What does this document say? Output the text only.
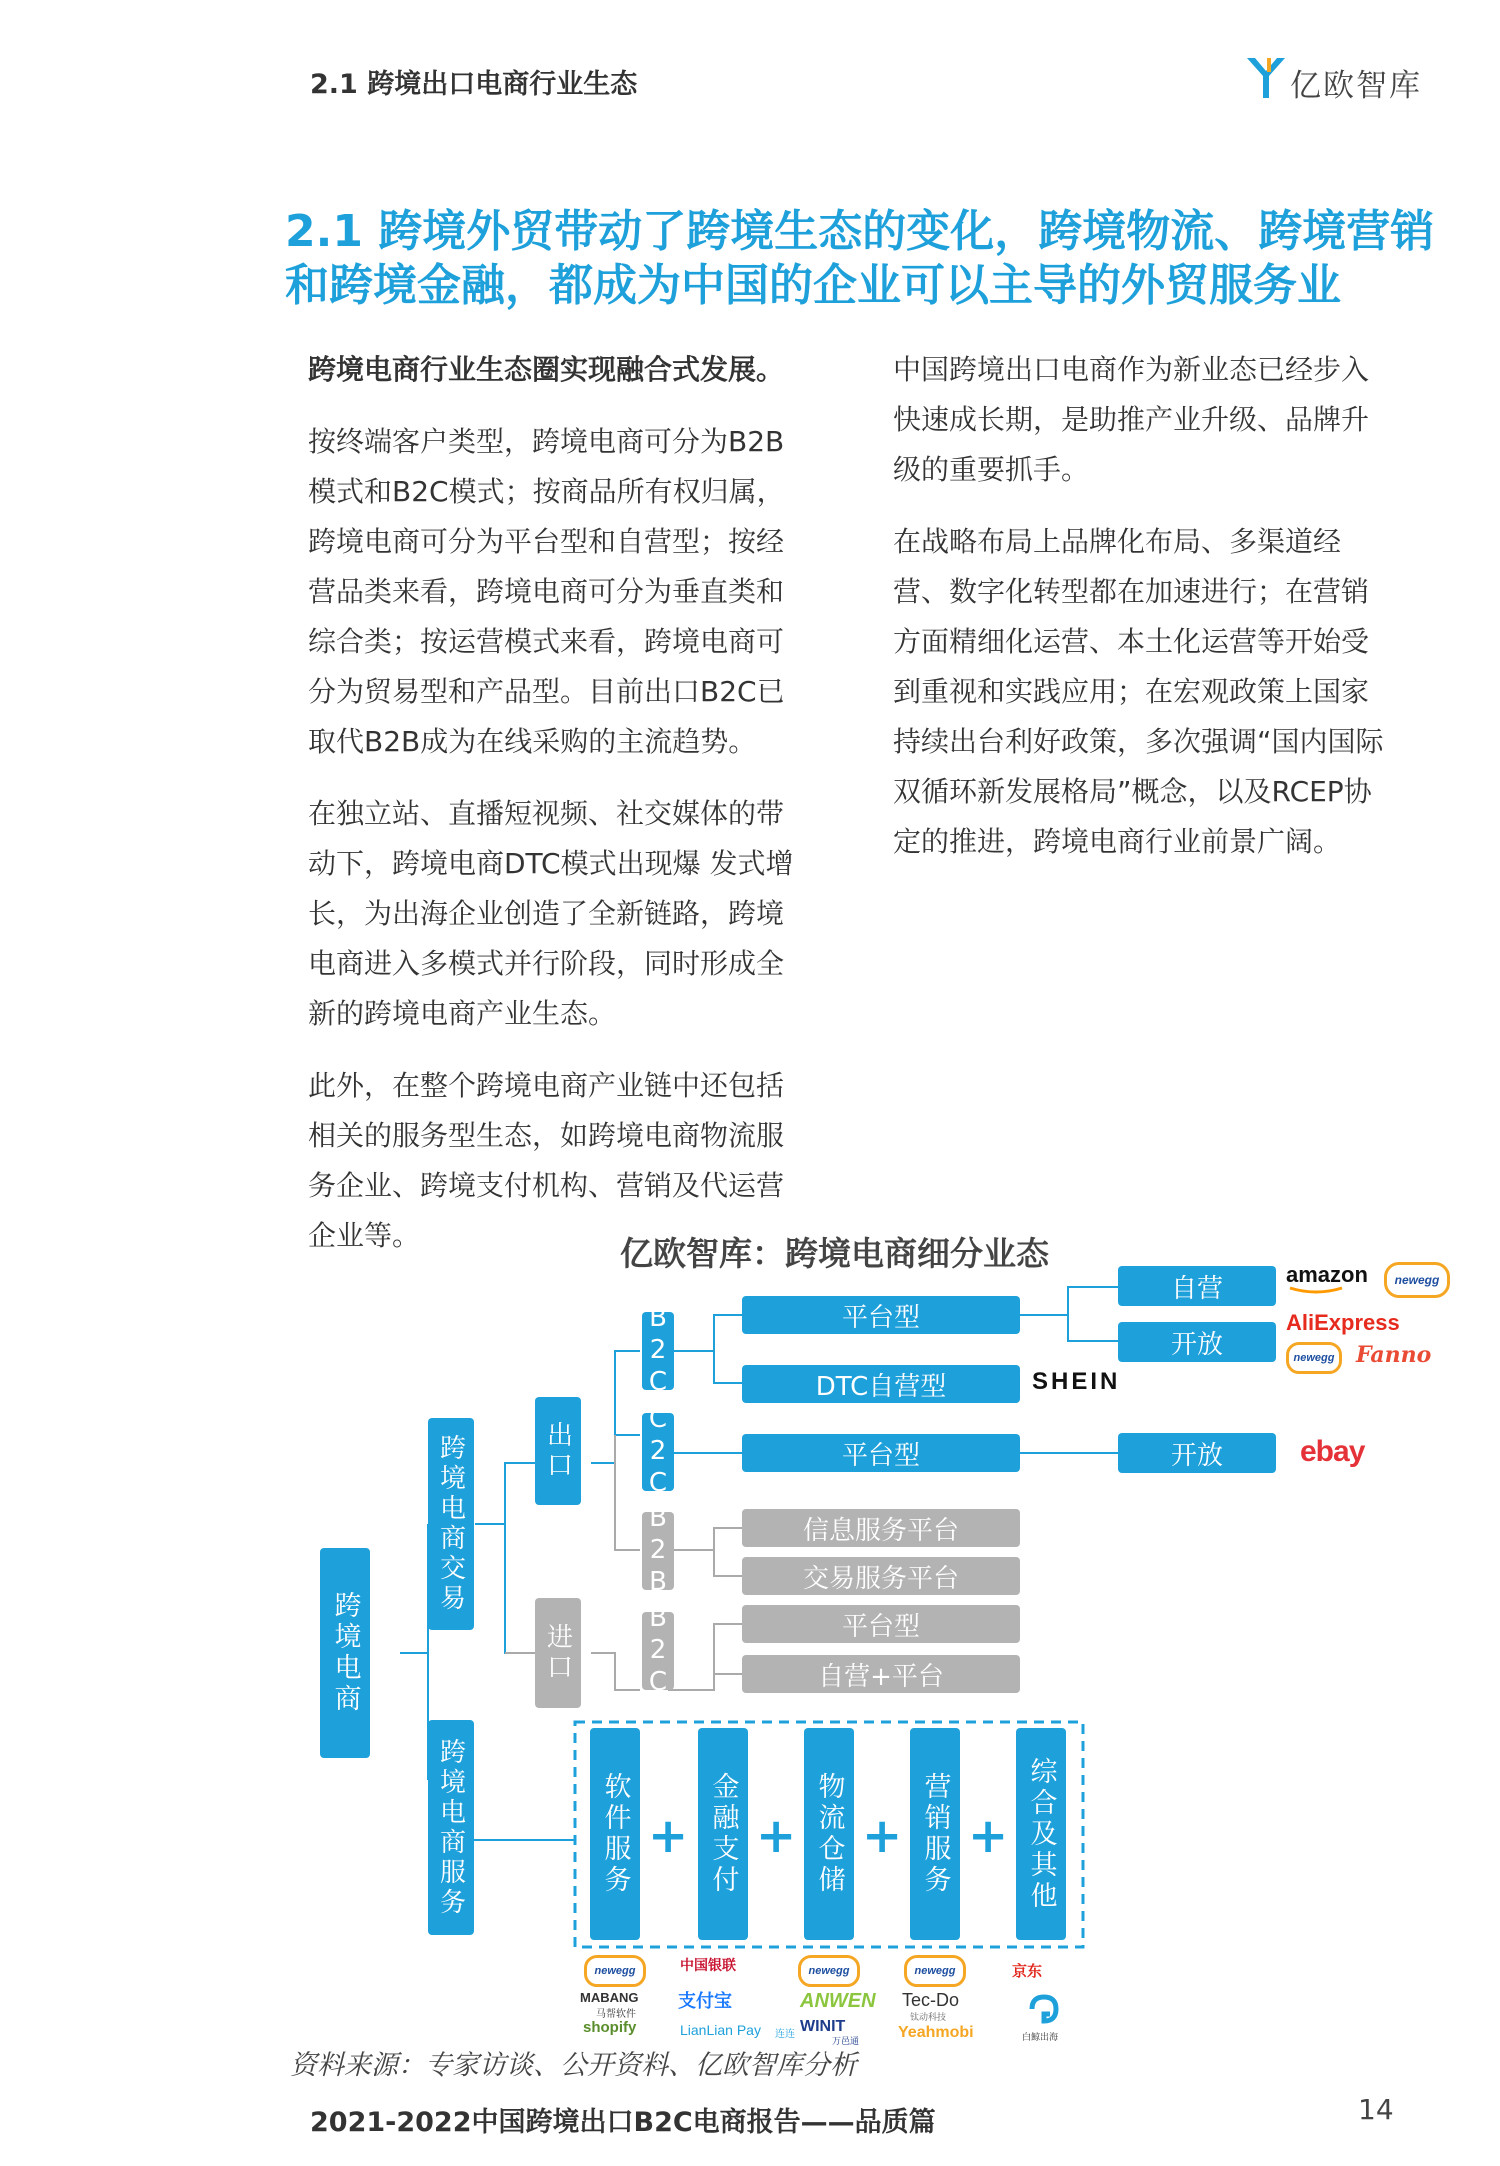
2.1 跨境出口电商行业生态	亿欧智库
2.1 跨境外贸带动了跨境生态的变化，跨境物流、跨境营销和跨境金融，都成为中国的企业可以主导的外贸服务业

跨境电商行业生态圈实现融合式发展。

按终端客户类型，跨境电商可分为B2B模式和B2C模式；按商品所有权归属，跨境电商可分为平台型和自营型；按经营品类来看，跨境电商可分为垂直类和综合类；按运营模式来看，跨境电商可分为贸易型和产品型。目前出口B2C已取代B2B成为在线采购的主流趋势。

在独立站、直播短视频、社交媒体的带动下，跨境电商DTC模式出现爆 发式增长，为出海企业创造了全新链路，跨境电商进入多模式并行阶段，同时形成全新的跨境电商产业生态。

此外，在整个跨境电商产业链中还包括相关的服务型生态，如跨境电商物流服务企业、跨境支付机构、营销及代运营企业等。

中国跨境出口电商作为新业态已经步入快速成长期，是助推产业升级、品牌升级的重要抓手。

在战略布局上品牌化布局、多渠道经营、数字化转型都在加速进行；在营销方面精细化运营、本土化运营等开始受到重视和实践应用；在宏观政策上国家持续出台利好政策，多次强调“国内国际双循环新发展格局”概念，以及RCEP协定的推进，跨境电商行业前景广阔。

亿欧智库：跨境电商细分业态
跨境电商
跨境电商交易
跨境电商服务
出口
进口
B2C
C2C
B2B
B2C
平台型
DTC自营型
平台型
信息服务平台
交易服务平台
平台型
自营+平台
自营
开放
开放
amazon	newegg
AliExpress
newegg Fanno
SHEIN
ebay
软件服务	金融支付	物流仓储	营销服务	综合及其他
+ + + +
newegg
MABANG
马帮软件
shopify
中国银联
支付宝
LianLian Pay 连连
newegg
ANWEN
WINIT
万邑通
newegg
Tec-Do
钛动科技
Yeahmobi
京东
白鲸出海
资料来源：专家访谈、公开资料、亿欧智库分析
2021-2022中国跨境出口B2C电商报告——品质篇	14
